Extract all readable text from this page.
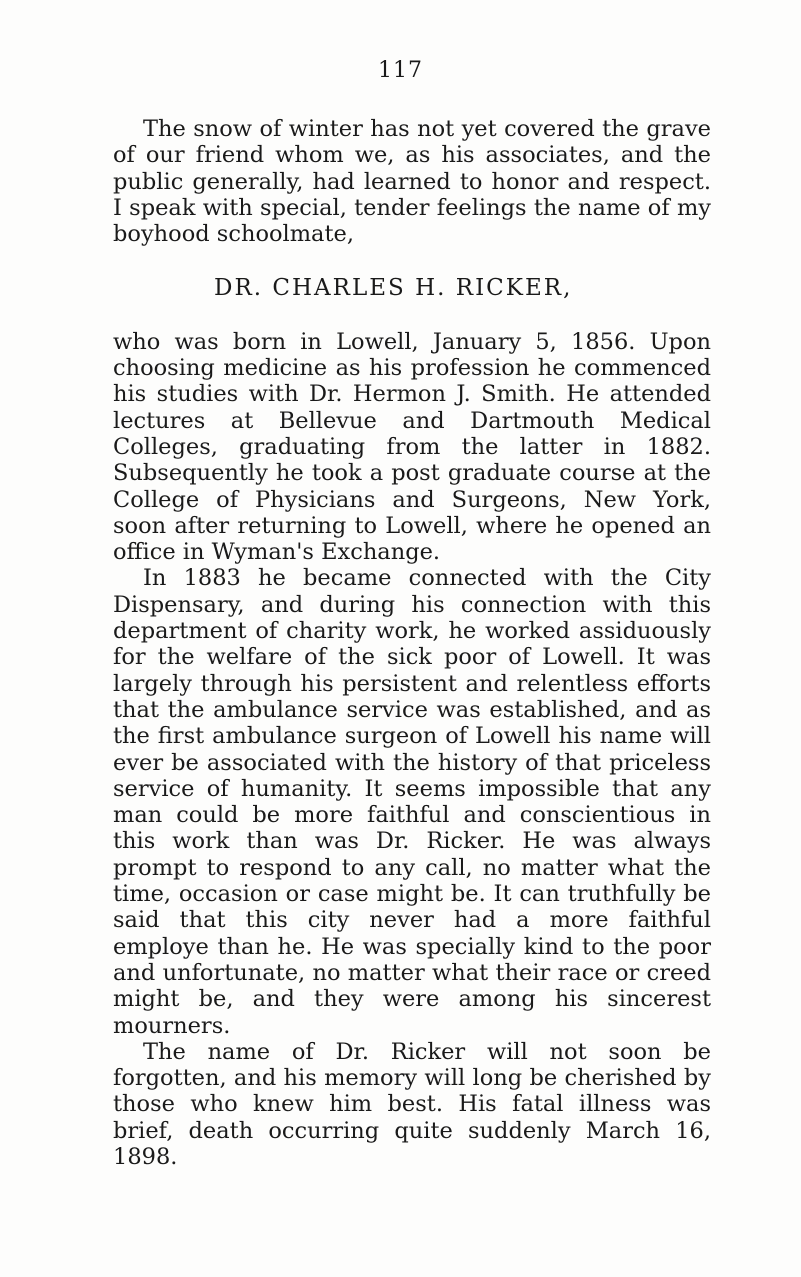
117

The snow of winter has not yet covered the grave of our friend whom we, as his associates, and the public generally, had learned to honor and respect. I speak with special, tender feelings the name of my boyhood schoolmate,

DR. CHARLES H. RICKER,

who was born in Lowell, January 5, 1856. Upon choosing medicine as his profession he commenced his studies with Dr. Hermon J. Smith. He attended lectures at Bellevue and Dartmouth Medical Colleges, graduating from the latter in 1882. Subsequently he took a post graduate course at the College of Physicians and Surgeons, New York, soon after returning to Lowell, where he opened an office in Wyman's Exchange.

In 1883 he became connected with the City Dispensary, and during his connection with this department of charity work, he worked assiduously for the welfare of the sick poor of Lowell. It was largely through his persistent and relentless efforts that the ambulance service was established, and as the first ambulance surgeon of Lowell his name will ever be associated with the history of that priceless service of humanity. It seems impossible that any man could be more faithful and conscientious in this work than was Dr. Ricker. He was always prompt to respond to any call, no matter what the time, occasion or case might be. It can truthfully be said that this city never had a more faithful employe than he. He was specially kind to the poor and unfortunate, no matter what their race or creed might be, and they were among his sincerest mourners.

The name of Dr. Ricker will not soon be forgotten, and his memory will long be cherished by those who knew him best. His fatal illness was brief, death occurring quite suddenly March 16, 1898.
